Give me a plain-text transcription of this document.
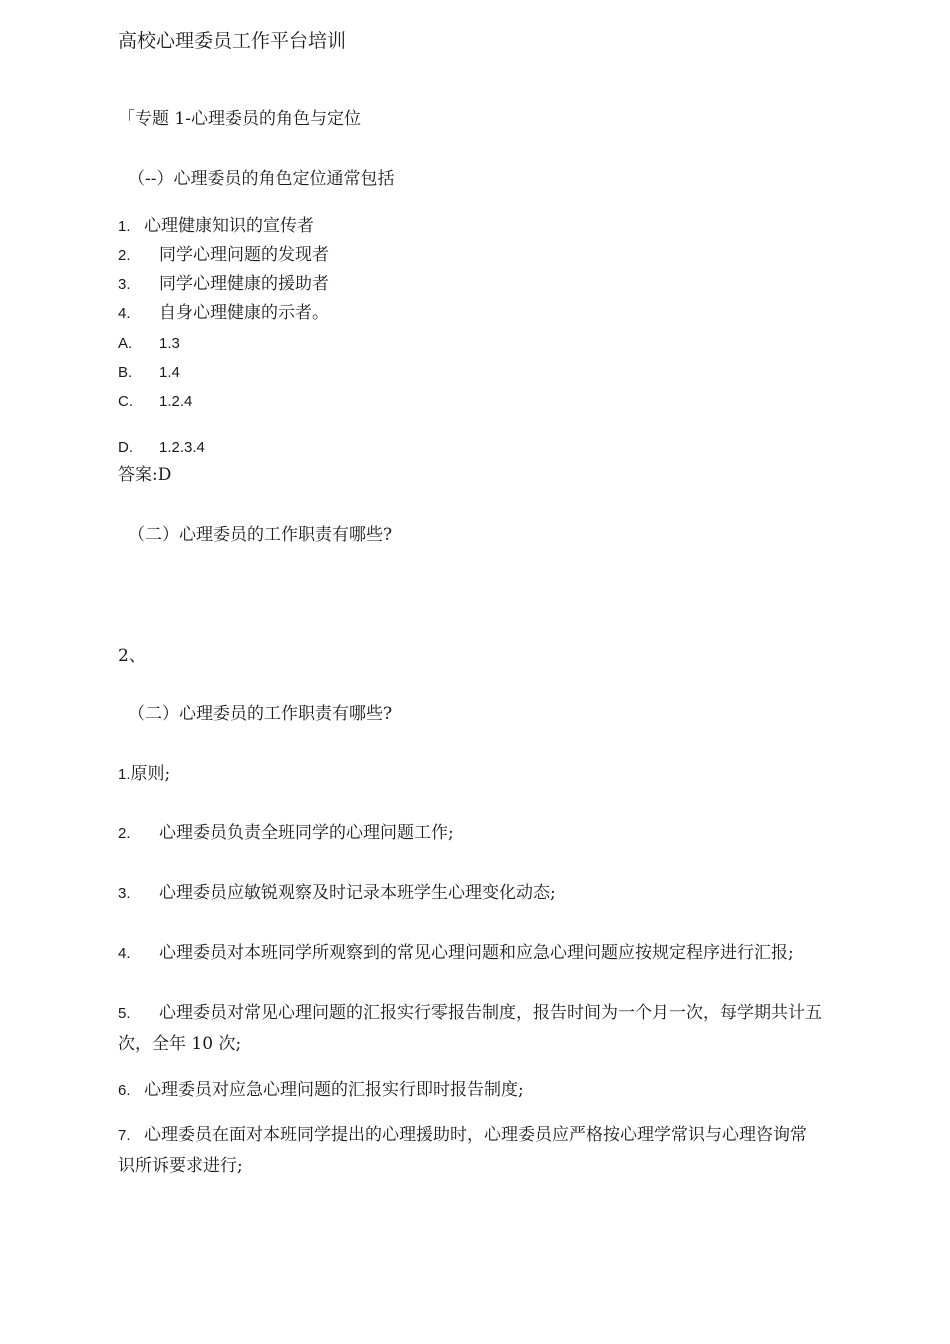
高校心理委员工作平台培训
「专题 1-心理委员的角色与定位
（--）心理委员的角色定位通常包括
1. 心理健康知识的宣传者
2. 同学心理问题的发现者
3. 同学心理健康的援助者
4. 自身心理健康的示者。
A. 1.3
B. 1.4
C. 1.2.4
D. 1.2.3.4
答案:D
（二）心理委员的工作职责有哪些?
2、
（二）心理委员的工作职责有哪些?
1.原则;
2. 心理委员负责全班同学的心理问题工作;
3. 心理委员应敏锐观察及时记录本班学生心理变化动态;
4. 心理委员对本班同学所观察到的常见心理问题和应急心理问题应按规定程序进行汇报;
5. 心理委员对常见心理问题的汇报实行零报告制度，报告时间为一个月一次，每学期共计五次，全年 10 次;
6. 心理委员对应急心理问题的汇报实行即时报告制度;
7. 心理委员在面对本班同学提出的心理援助时，心理委员应严格按心理学常识与心理咨询常识所诉要求进行;
